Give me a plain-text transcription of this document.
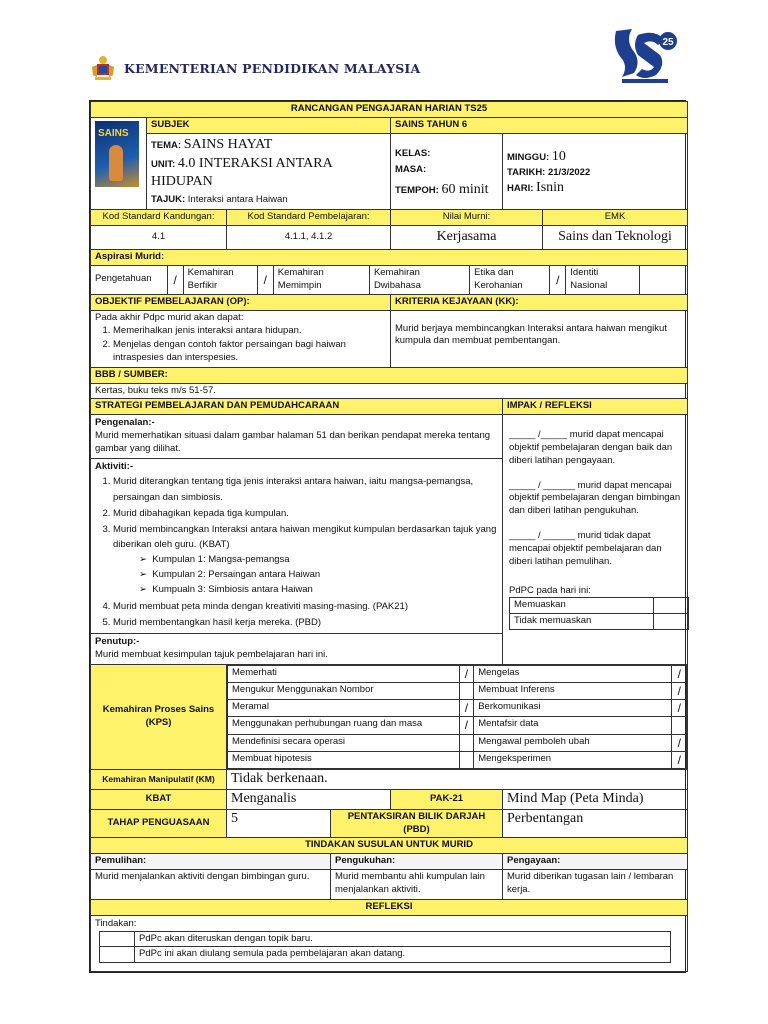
KEMENTERIAN PENDIDIKAN MALAYSIA
25
RANCANGAN PENGAJARAN HARIAN TS25

SAINS
	SUBJEK	SAINS TAHUN 6

TEMA: SAINS HAYAT
UNIT: 4.0 INTERAKSI ANTARA HIDUPAN
TAJUK: Interaksi antara Haiwan

KELAS:
MASA:
TEMPOH: 60 minit

MINGGU: 10
TARIKH: 21/3/2022
HARI: Isnin

Kod Standard Kandungan:	Kod Standard Pembelajaran:	Nilai Murni:	EMK
4.1	4.1.1, 4.1.2	Kerjasama	Sains dan Teknologi
Aspirasi Murid:

Pengetahuan	/	Kemahiran Berfikir	/	Kemahiran Memimpin	Kemahiran Dwibahasa	Etika dan Kerohanian	/	Identiti Nasional	

OBJEKTIF PEMBELAJARAN (OP):	KRITERIA KEJAYAAN (KK):

Pada akhir Pdpc murid akan dapat:
1. Memerihalkan jenis interaksi antara hidupan.
2. Menjelas dengan contoh faktor persaingan bagi haiwan intraspesies dan interspesies.
	Murid berjaya membincangkan Interaksi antara haiwan mengikut kumpula dan membuat pembentangan.
BBB / SUMBER:
Kertas, buku teks m/s 51-57.
STRATEGI PEMBELAJARAN DAN PEMUDAHCARAAN	IMPAK / REFLEKSI

Pengenalan:-
Murid memerhatikan situasi dalam gambar halaman 51 dan berikan pendapat mereka tentang gambar yang dilihat.
Aktiviti:-
1. Murid diterangkan tentang tiga jenis interaksi antara haiwan, iaitu mangsa-pemangsa, persaingan dan simbiosis.
2. Murid dibahagikan kepada tiga kumpulan.
3. Murid membincangkan Interaksi antara haiwan mengikut kumpulan berdasarkan tajuk yang diberikan oleh guru. (KBAT)
➢ Kumpulan 1: Mangsa-pemangsa
➢ Kumpulan 2: Persaingan antara Haiwan
➢ Kumpualn 3: Simbiosis antara Haiwan
4. Murid membuat peta minda dengan kreativiti masing-masing. (PAK21)
5. Murid membentangkan hasil kerja mereka. (PBD)
Penutup:-
Murid membuat kesimpulan tajuk pembelajaran hari ini.

_____ /_____ murid dapat mencapai objektif pembelajaran dengan baik dan diberi latihan pengayaan.
_____ / ______ murid dapat mencapai objektif pembelajaran dengan bimbingan dan diberi latihan pengukuhan.
_____ / ______ murid tidak dapat mencapai objektif pembelajaran dan diberi latihan pemulihan.
PdPC pada hari ini:
Memuaskan	
Tidak memuaskan	

Kemahiran Proses Sains (KPS)	
Memerhati	/	Mengelas	/
Mengukur Menggunakan Nombor		Membuat Inferens	/
Meramal	/	Berkomunikasi	/
Menggunakan perhubungan ruang dan masa	/	Mentafsir data	
Mendefinisi secara operasi		Mengawal pemboleh ubah	/
Membuat hipotesis		Mengeksperimen	/

Kemahiran Manipulatif (KM)	Tidak berkenaan.
KBAT	Menganalis	PAK-21	Mind Map (Peta Minda)
TAHAP PENGUASAAN	5	PENTAKSIRAN BILIK DARJAH (PBD)	Perbentangan
TINDAKAN SUSULAN UNTUK MURID
Pemulihan:	Pengukuhan:	Pengayaan:
Murid menjalankan aktiviti dengan bimbingan guru.	Murid membantu ahli kumpulan lain menjalankan aktiviti.	Murid diberikan tugasan lain / lembaran kerja.
REFLEKSI

Tindakan:
	PdPc akan diteruskan dengan topik baru.
	PdPc ini akan diulang semula pada pembelajaran akan datang.
